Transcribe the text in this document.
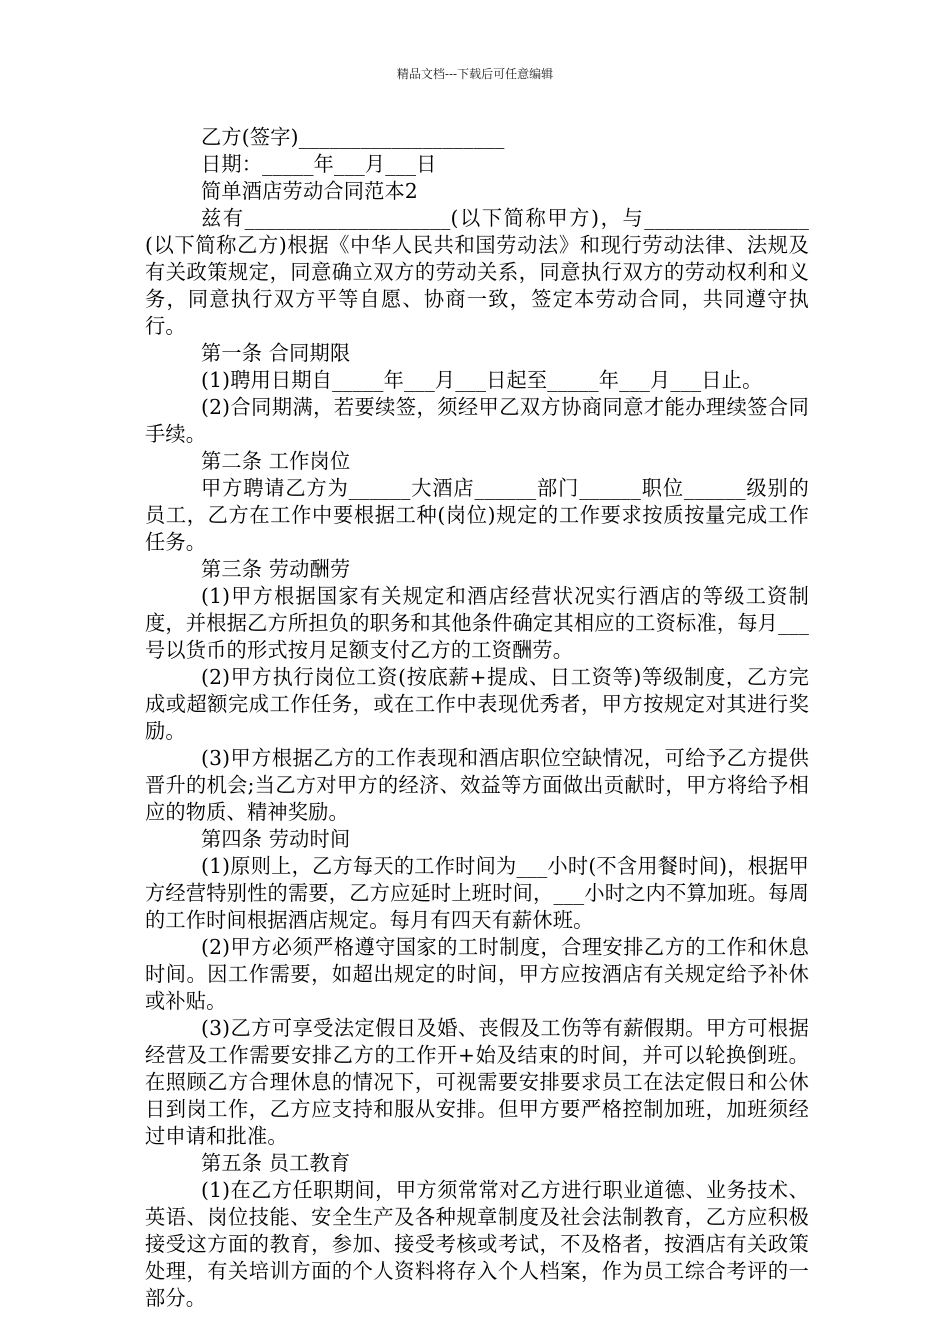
精品文档---下载后可任意编辑

乙方(签字)____________________

日期：_____年___月___日

简单酒店劳动合同范本2

兹有____________________(以下简称甲方)，与________________(以下简称乙方)根据《中华人民共和国劳动法》和现行劳动法律、法规及有关政策规定，同意确立双方的劳动关系，同意执行双方的劳动权利和义务，同意执行双方平等自愿、协商一致，签定本劳动合同，共同遵守执行。

第一条 合同期限

(1)聘用日期自_____年___月___日起至_____年___月___日止。

(2)合同期满，若要续签，须经甲乙双方协商同意才能办理续签合同手续。

第二条 工作岗位

甲方聘请乙方为______大酒店______部门______职位______级别的员工，乙方在工作中要根据工种(岗位)规定的工作要求按质按量完成工作任务。

第三条 劳动酬劳

(1)甲方根据国家有关规定和酒店经营状况实行酒店的等级工资制度，并根据乙方所担负的职务和其他条件确定其相应的工资标准，每月___号以货币的形式按月足额支付乙方的工资酬劳。

(2)甲方执行岗位工资(按底薪+提成、日工资等)等级制度，乙方完成或超额完成工作任务，或在工作中表现优秀者，甲方按规定对其进行奖励。

(3)甲方根据乙方的工作表现和酒店职位空缺情况，可给予乙方提供晋升的机会;当乙方对甲方的经济、效益等方面做出贡献时，甲方将给予相应的物质、精神奖励。

第四条 劳动时间

(1)原则上，乙方每天的工作时间为___小时(不含用餐时间)，根据甲方经营特别性的需要，乙方应延时上班时间，___小时之内不算加班。每周的工作时间根据酒店规定。每月有四天有薪休班。

(2)甲方必须严格遵守国家的工时制度，合理安排乙方的工作和休息时间。因工作需要，如超出规定的时间，甲方应按酒店有关规定给予补休或补贴。

(3)乙方可享受法定假日及婚、丧假及工伤等有薪假期。甲方可根据经营及工作需要安排乙方的工作开+始及结束的时间，并可以轮换倒班。在照顾乙方合理休息的情况下，可视需要安排要求员工在法定假日和公休日到岗工作，乙方应支持和服从安排。但甲方要严格控制加班，加班须经过申请和批准。

第五条 员工教育

(1)在乙方任职期间，甲方须常常对乙方进行职业道德、业务技术、英语、岗位技能、安全生产及各种规章制度及社会法制教育，乙方应积极接受这方面的教育，参加、接受考核或考试，不及格者，按酒店有关政策处理，有关培训方面的个人资料将存入个人档案，作为员工综合考评的一部分。
